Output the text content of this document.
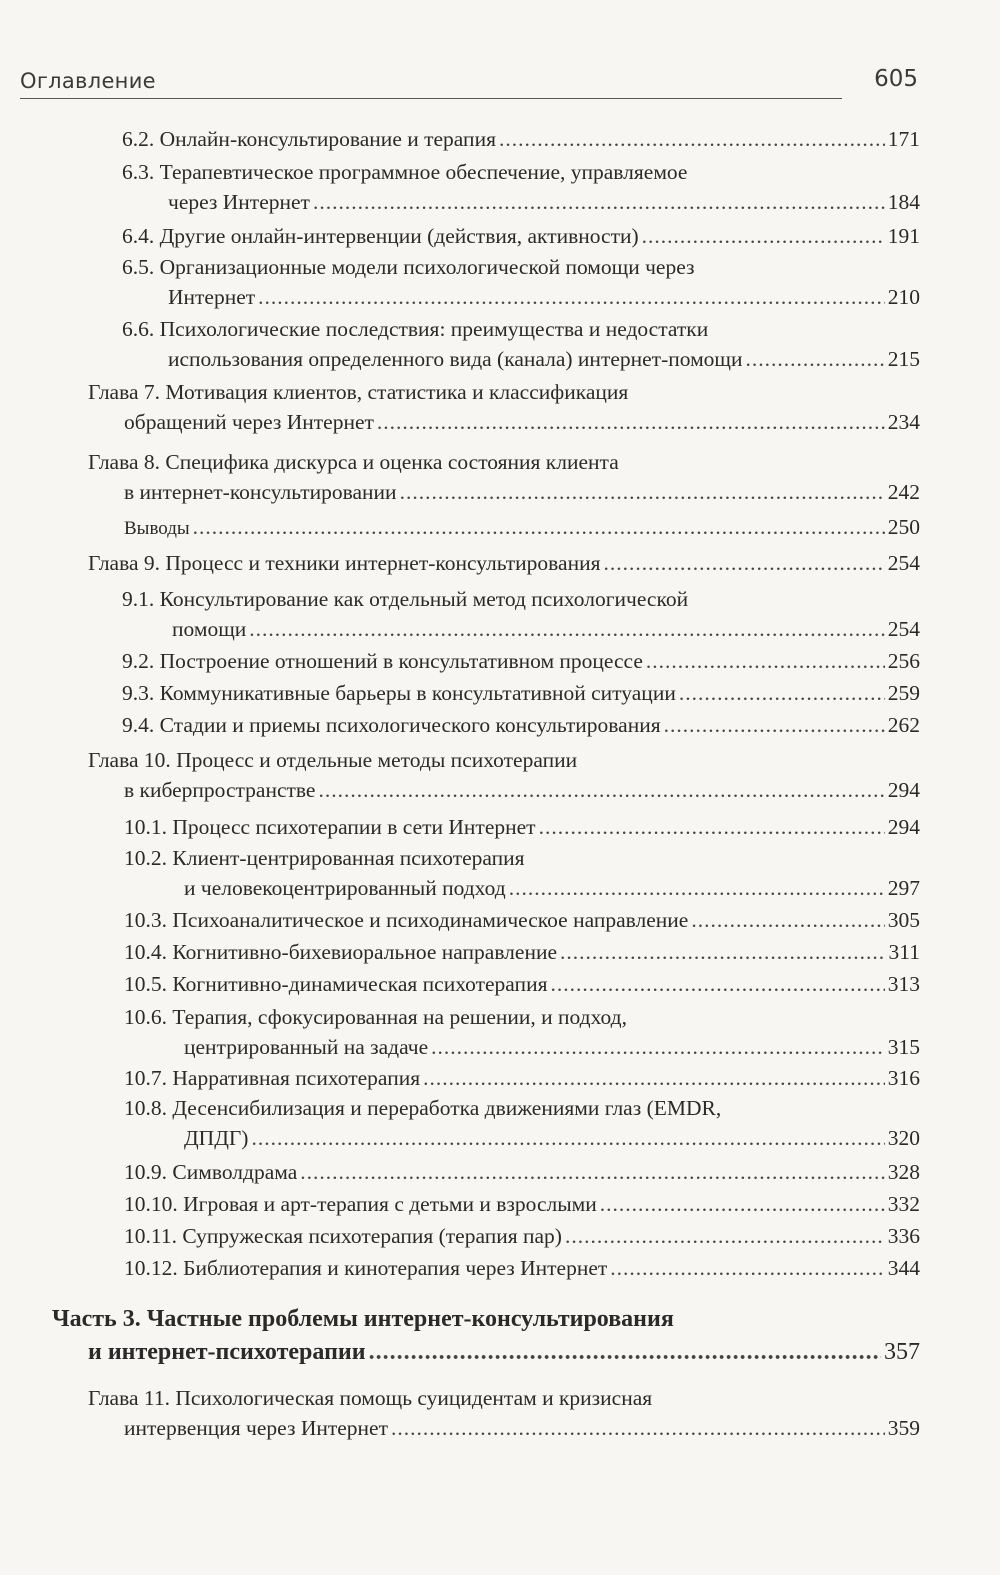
Оглавление	605
6.2. Онлайн-консультирование и терапия .....	171
6.3. Терапевтическое программное обеспечение, управляемое
через Интернет .....	184
6.4. Другие онлайн-интервенции (действия, активности) .....	191
6.5. Организационные модели психологической помощи через
Интернет .....	210
6.6. Психологические последствия: преимущества и недостатки
использования определенного вида (канала) интернет-помощи .....	215
Глава 7. Мотивация клиентов, статистика и классификация
обращений через Интернет .....	234
Глава 8. Специфика дискурса и оценка состояния клиента
в интернет-консультировании .....	242
Выводы .....	250
Глава 9. Процесс и техники интернет-консультирования .....	254
9.1. Консультирование как отдельный метод психологической
помощи .....	254
9.2. Построение отношений в консультативном процессе .....	256
9.3. Коммуникативные барьеры в консультативной ситуации .....	259
9.4. Стадии и приемы психологического консультирования .....	262
Глава 10. Процесс и отдельные методы психотерапии
в киберпространстве .....	294
10.1. Процесс психотерапии в сети Интернет .....	294
10.2. Клиент-центрированная психотерапия
и человекоцентрированный подход .....	297
10.3. Психоаналитическое и психодинамическое направление .....	305
10.4. Когнитивно-бихевиоральное направление .....	311
10.5. Когнитивно-динамическая психотерапия .....	313
10.6. Терапия, сфокусированная на решении, и подход,
центрированный на задаче .....	315
10.7. Нарративная психотерапия .....	316
10.8. Десенсибилизация и переработка движениями глаз (EMDR,
ДПДГ) .....	320
10.9. Символдрама .....	328
10.10. Игровая и арт-терапия с детьми и взрослыми .....	332
10.11. Супружеская психотерапия (терапия пар) .....	336
10.12. Библиотерапия и кинотерапия через Интернет .....	344
Часть 3. Частные проблемы интернет-консультирования
и интернет-психотерапии .....	357
Глава 11. Психологическая помощь суицидентам и кризисная
интервенция через Интернет .....	359
